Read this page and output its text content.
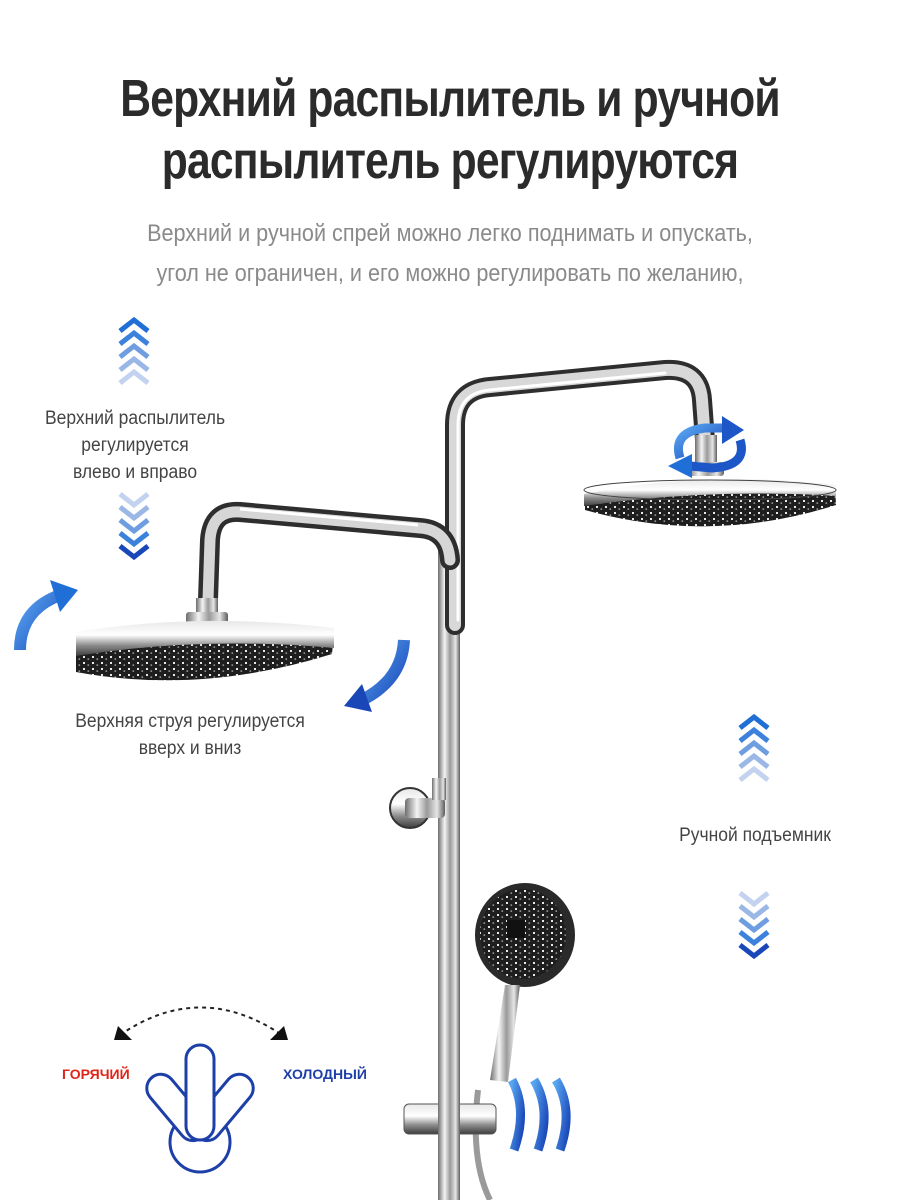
Верхний распылитель и ручной
распылитель регулируются
Верхний и ручной спрей можно легко поднимать и опускать,
угол не ограничен, и его можно регулировать по желанию,
Верхний распылитель
регулируется
влево и вправо
Верхняя струя регулируется
вверх и вниз
Ручной подъемник
ГОРЯЧИЙ	ХОЛОДНЫЙ
